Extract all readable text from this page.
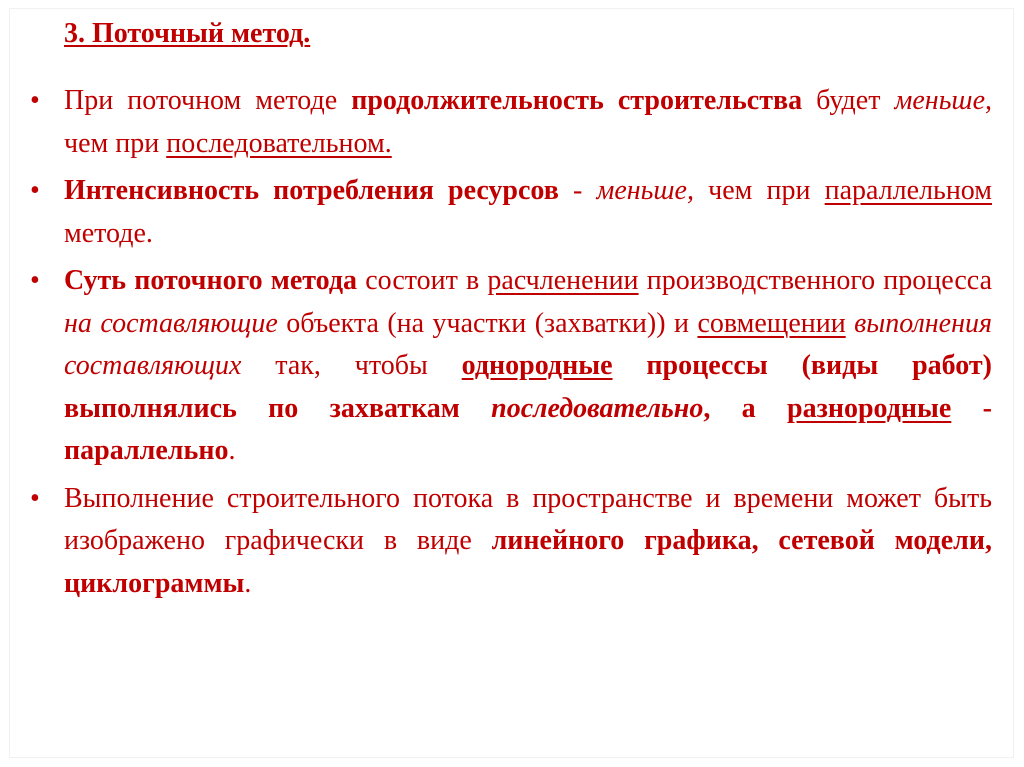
3. Поточный метод.
• При поточном методе продолжительность строительства будет меньше, чем при последовательном.
• Интенсивность потребления ресурсов - меньше, чем при параллельном методе.
• Суть поточного метода состоит в расчленении производственного процесса на составляющие объекта (на участки (захватки)) и совмещении выполнения составляющих так, чтобы однородные процессы (виды работ) выполнялись по захваткам последовательно, а разнородные - параллельно.
• Выполнение строительного потока в пространстве и времени может быть изображено графически в виде линейного графика, сетевой модели, циклограммы.
